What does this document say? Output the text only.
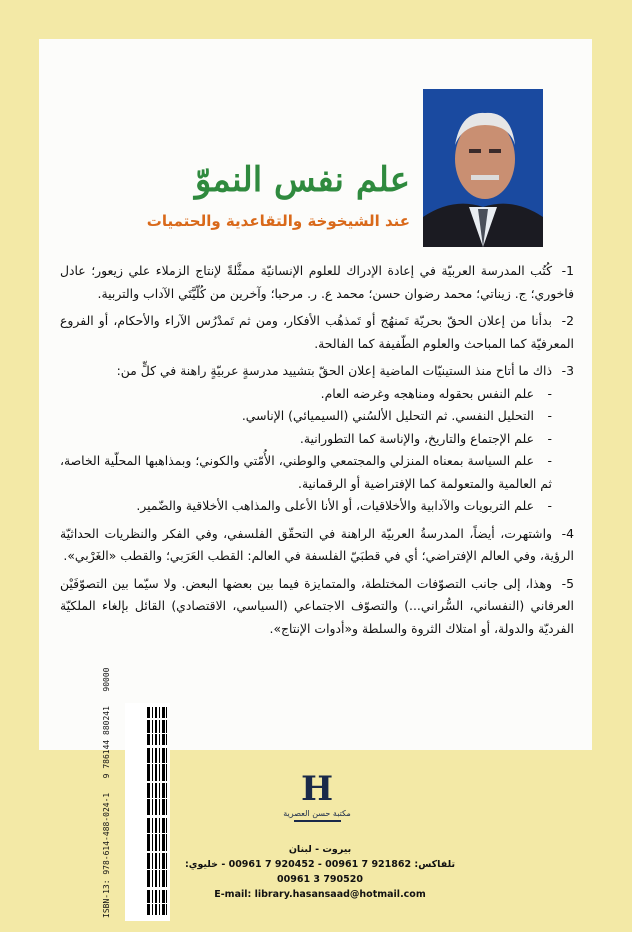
علم نفس النموّ
عند الشيخوخة والتقاعدية والحتميات

1-كُتُب المدرسة العربيّة في إعادة الإدراك للعلوم الإنسانيّة ممثَّلةً لإنتاج الزملاء علي زيعور؛ عادل فاخوري؛ ج. زيناتي؛ محمد رضوان حسن؛ محمد ع. ر. مرحبا؛ وآخرين من كُلّيَّتَي الآداب والتربية.

2-بدأنا من إعلان الحقّ بحريّة تَمنهُج أو تَمذهُب الأفكار، ومن ثم تَمدْرُس الآراء والأحكام، أو الفروع المعرفيّة كما المباحث والعلوم الطّفيفة كما الفالحة.

3-ذاك ما أتاح منذ الستينيّات الماضية إعلان الحقّ بتشييد مدرسةٍ عربيّةٍ راهنة في كلٍّ من:

-علم النفس بحقوله ومناهجه وغرضه العام.

-التحليل النفسي. ثم التحليل الألسُني (السيميائي) الإناسي.

-علم الإجتماع والتاريخ، والإناسة كما التطورانية.

-علم السياسة بمعناه المنزلي والمجتمعي والوطني، الأُمّتي والكوني؛ وبمذاهبها المحلّية الخاصة، ثم العالمية والمتعولمة كما الإفتراضية أو الرقمانية.

-علم التربويات والآدابية والأخلاقيات، أو الأنا الأعلى والمذاهب الأخلاقية والضّمير.

4-واشتهرت، أيضاً، المدرسةُ العربيّة الراهنة في التحقّق الفلسفي، وفي الفكر والنظريات الحداثيّة الرؤية، وفي العالم الإفتراضي؛ أي في قطبَيّ الفلسفة في العالم: القطب العَرَبي؛ والقطب «الغَرْبي».

5-وهذا، إلى جانب التصوّفات المختلطة، والمتمايزة فيما بين بعضها البعض. ولا سيّما بين التصوّفَيْن العرفاني (النفساني، السُّراني...) والتصوّف الاجتماعي (السياسي، الاقتصادي) القائل بإلغاء الملكيّة الفرديّة والدولة، أو امتلاك الثروة والسلطة و«أدوات الإنتاج».

ISBN-13: 978-614-488-024-1   9 786144 880241   90000
H
مكتبة حسن العصرية
بيروت - لبنان
تلفاكس: 921862 7 00961 - 920452 7 00961 - خليوي: 790520 3 00961
E-mail: library.hasansaad@hotmail.com
